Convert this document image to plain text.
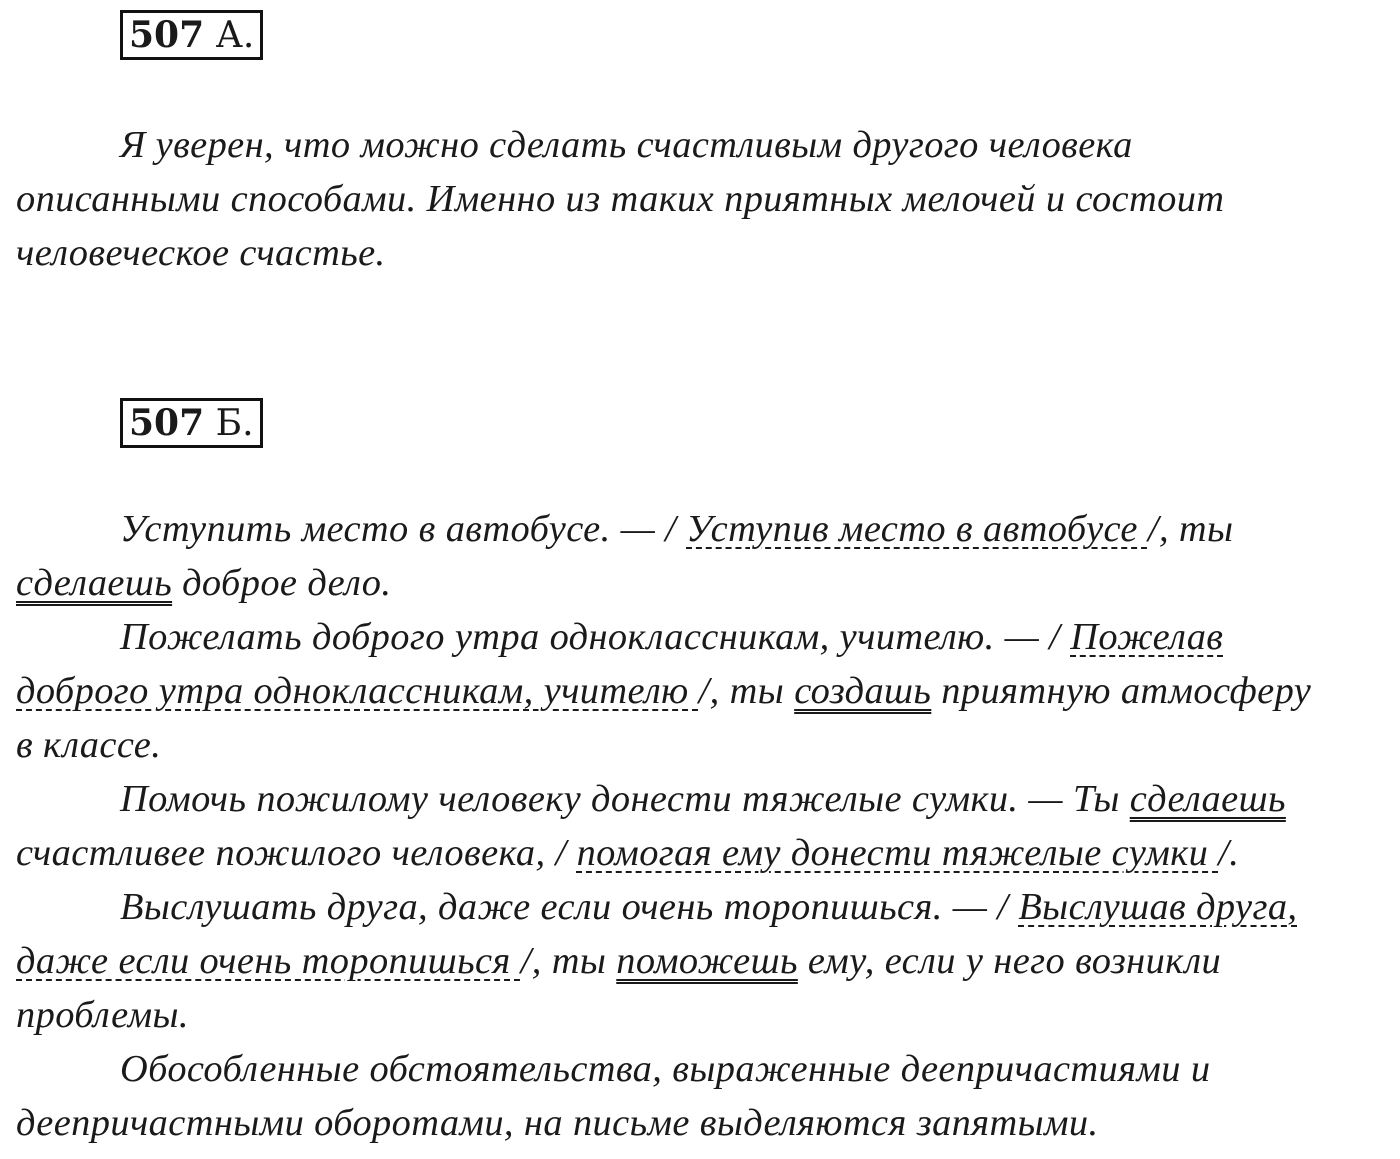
507 А.
Я уверен, что можно сделать счастливым другого человека
описанными способами. Именно из таких приятных мелочей и состоит
человеческое счастье.
507 Б.
Уступить место в автобусе. — / Уступив место в автобусе /, ты
сделаешь доброе дело.
Пожелать доброго утра одноклассникам, учителю. — / Пожелав
доброго утра одноклассникам, учителю /, ты создашь приятную атмосферу
в классе.
Помочь пожилому человеку донести тяжелые сумки. — Ты сделаешь
счастливее пожилого человека, / помогая ему донести тяжелые сумки /.
Выслушать друга, даже если очень торопишься. — / Выслушав друга,
даже если очень торопишься /, ты поможешь ему, если у него возникли
проблемы.
Обособленные обстоятельства, выраженные деепричастиями и
деепричастными оборотами, на письме выделяются запятыми.
